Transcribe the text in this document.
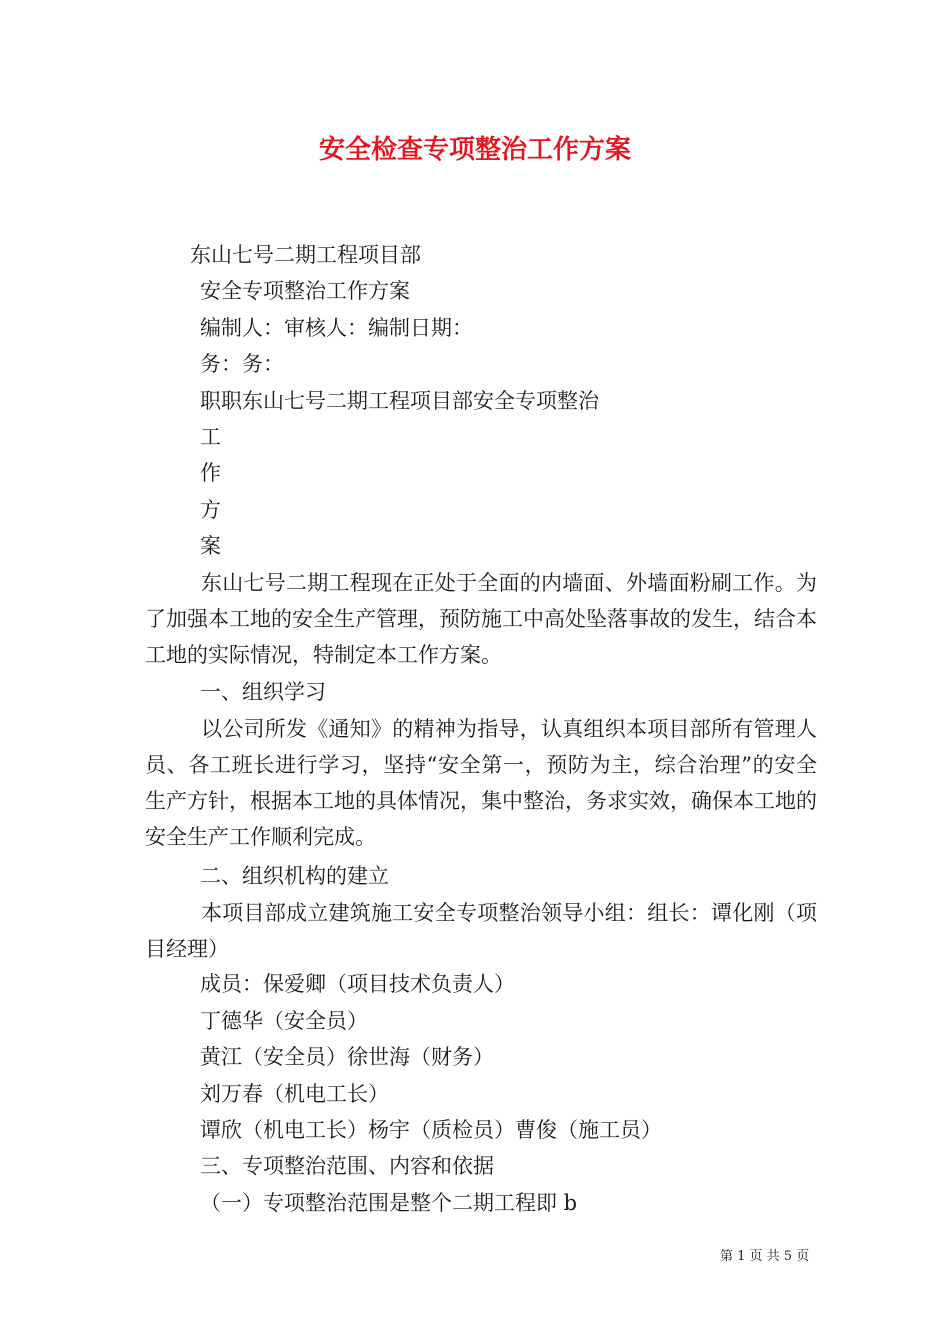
安全检查专项整治工作方案
东山七号二期工程项目部
安全专项整治工作方案
编制人：审核人：编制日期：
务：务：
职职东山七号二期工程项目部安全专项整治
工
作
方
案
东山七号二期工程现在正处于全面的内墙面、外墙面粉刷工作。为了加强本工地的安全生产管理，预防施工中高处坠落事故的发生，结合本工地的实际情况，特制定本工作方案。
一、组织学习
以公司所发《通知》的精神为指导，认真组织本项目部所有管理人员、各工班长进行学习，坚持“安全第一，预防为主，综合治理”的安全生产方针，根据本工地的具体情况，集中整治，务求实效，确保本工地的安全生产工作顺利完成。
二、组织机构的建立
本项目部成立建筑施工安全专项整治领导小组：组长：谭化刚（项目经理）
成员：保爱卿（项目技术负责人）
丁德华（安全员）
黄江（安全员）徐世海（财务）
刘万春（机电工长）
谭欣（机电工长）杨宇（质检员）曹俊（施工员）
三、专项整治范围、内容和依据
（一）专项整治范围是整个二期工程即 b
第 1 页 共 5 页
